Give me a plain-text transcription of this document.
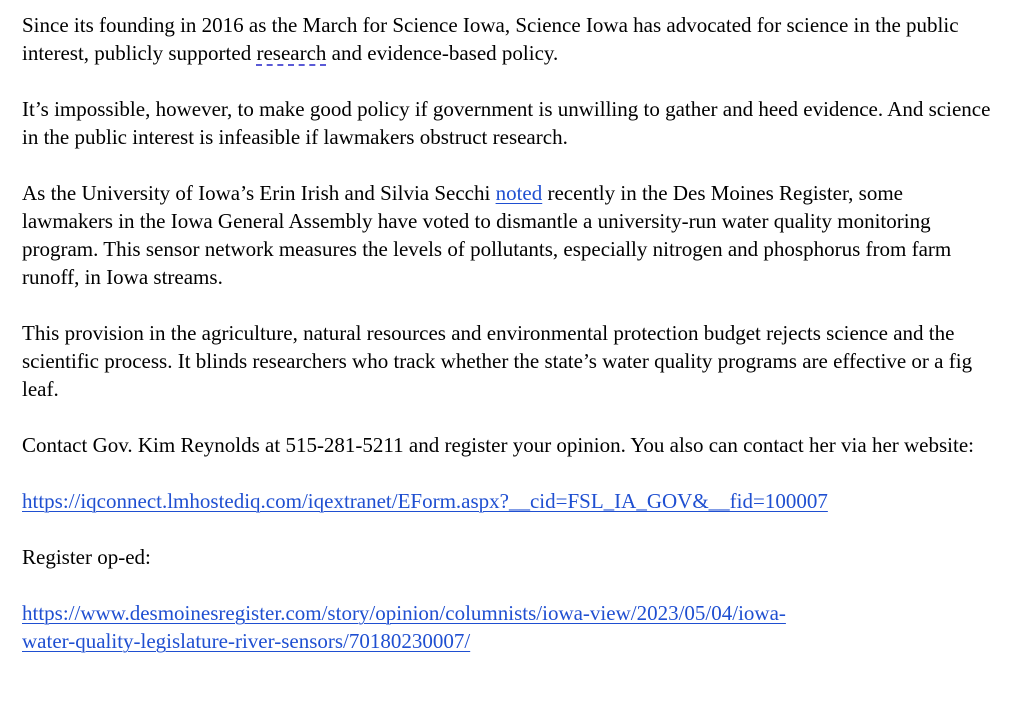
Since its founding in 2016 as the March for Science Iowa, Science Iowa has advocated for science in the public interest, publicly supported research and evidence-based policy.

It’s impossible, however, to make good policy if government is unwilling to gather and heed evidence. And science in the public interest is infeasible if lawmakers obstruct research.

As the University of Iowa’s Erin Irish and Silvia Secchi noted recently in the Des Moines Register, some lawmakers in the Iowa General Assembly have voted to dismantle a university-run water quality monitoring program. This sensor network measures the levels of pollutants, especially nitrogen and phosphorus from farm runoff, in Iowa streams.

This provision in the agriculture, natural resources and environmental protection budget rejects science and the scientific process. It blinds researchers who track whether the state’s water quality programs are effective or a fig leaf.

Contact Gov. Kim Reynolds at 515-281-5211 and register your opinion. You also can contact her via her website:

https://iqconnect.lmhostediq.com/iqextranet/EForm.aspx?__cid=FSL_IA_GOV&__fid=100007

Register op-ed:

https://www.desmoinesregister.com/story/opinion/columnists/iowa-view/2023/05/04/iowa-
water-quality-legislature-river-sensors/70180230007/
